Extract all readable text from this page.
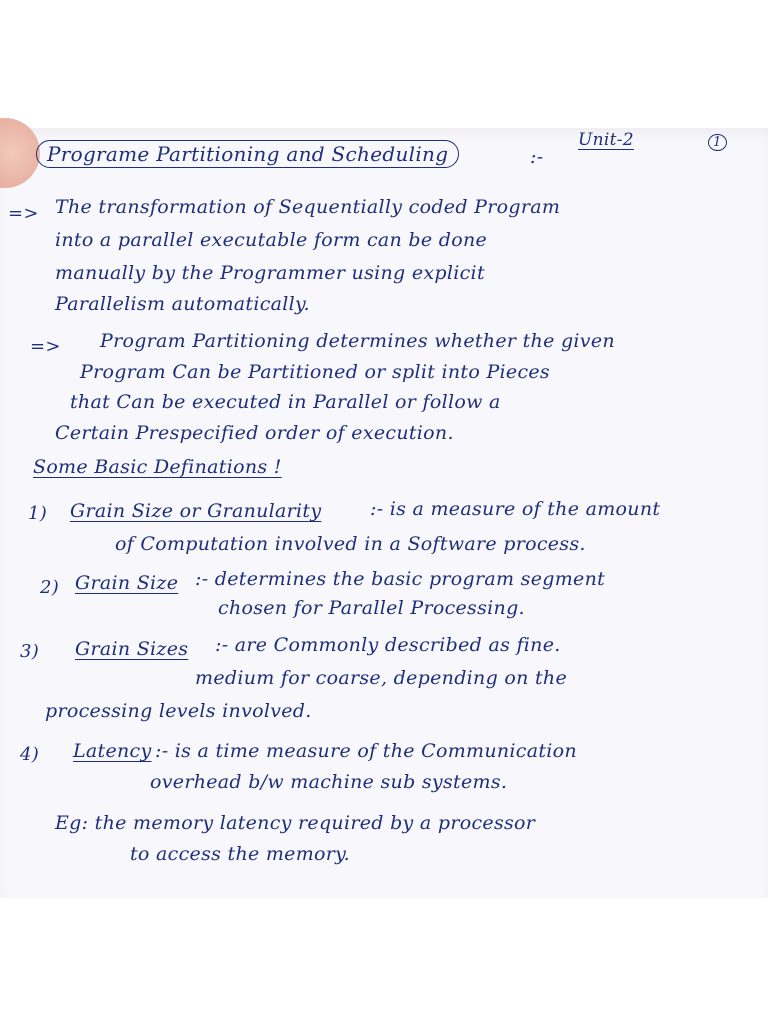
Programe Partitioning and Scheduling	:-
Unit-2	1
=> The transformation of Sequentially coded Program
into a parallel executable form can be done
manually by the Programmer using explicit
Parallelism automatically.
=> Program Partitioning determines whether the given
Program Can be Partitioned or split into Pieces
that Can be executed in Parallel or follow a
Certain Prespecified order of execution.
Some Basic Definations !
1) Grain Size or Granularity	:- is a measure of the amount
of Computation involved in a Software process.
2) Grain Size :- determines the basic program segment
chosen for Parallel Processing.
3) Grain Sizes :- are Commonly described as fine.
medium for coarse, depending on the
processing levels involved.
4) Latency :- is a time measure of the Communication
overhead b/w machine sub systems.
Eg: the memory latency required by a processor
to access the memory.
